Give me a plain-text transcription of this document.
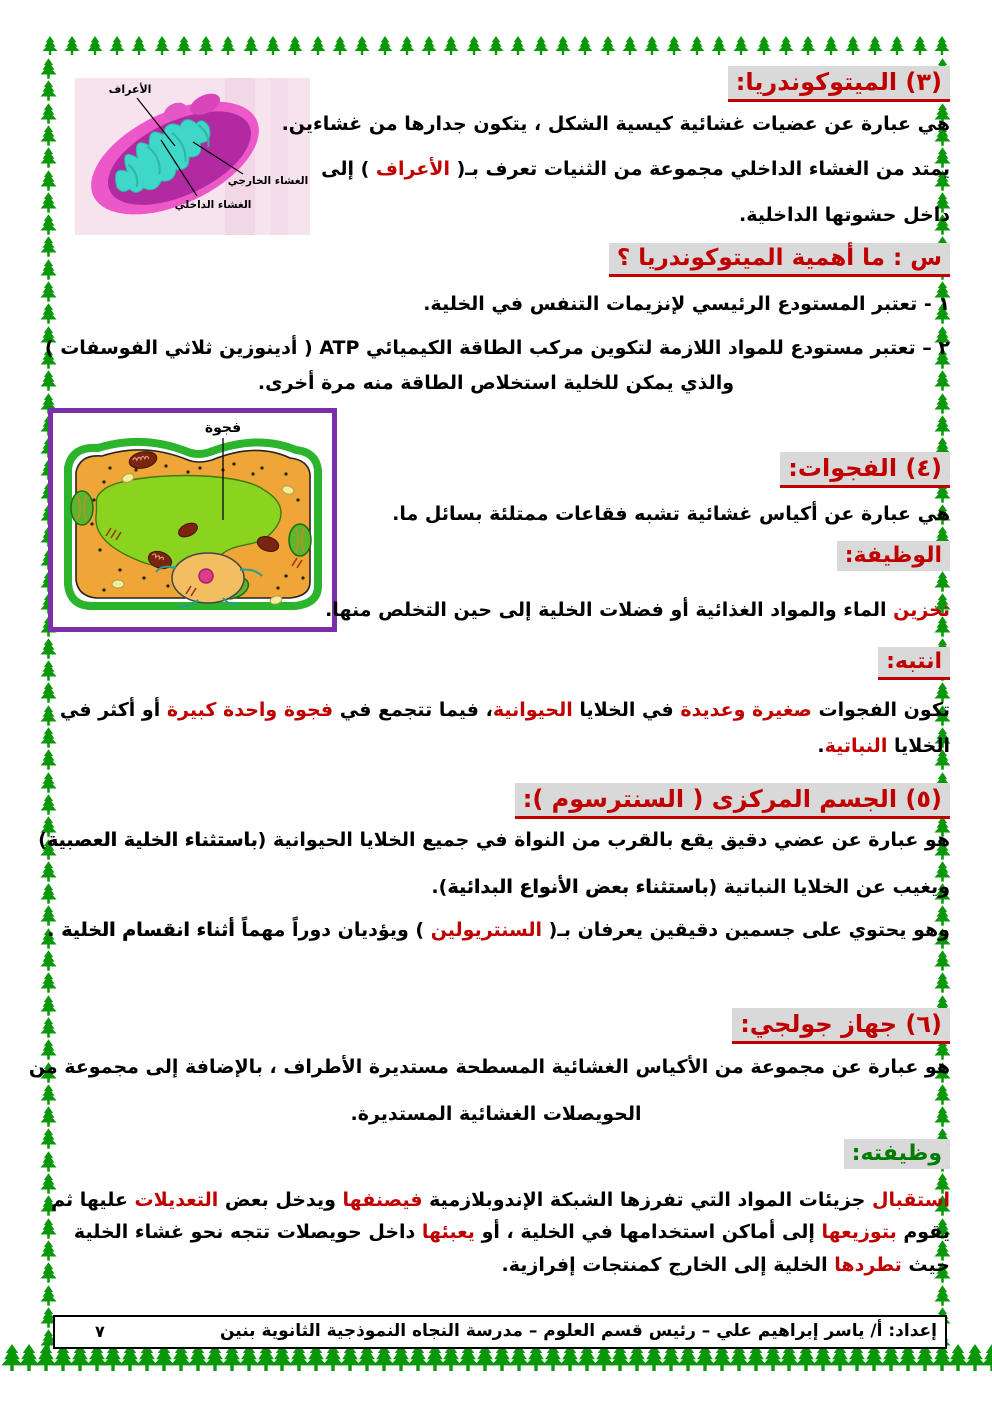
(٣) الميتوكوندريا:
الأعراف
الغشاء الخارجي
الغشاء الداخلي
هي عبارة عن عضيات غشائية كيسية الشكل ، يتكون جدارها من غشاءين.
يمتد من الغشاء الداخلي مجموعة من الثنيات تعرف بـ( الأعراف ) إلى
داخل حشوتها الداخلية.
س : ما أهمية الميتوكوندريا ؟
١ - تعتبر المستودع الرئيسي لإنزيمات التنفس في الخلية.
٢ – تعتبر مستودع للمواد اللازمة لتكوين مركب الطاقة الكيميائي ATP ( أدينوزين ثلاثي الفوسفات )
والذي يمكن للخلية استخلاص الطاقة منه مرة أخرى.
فجوة
(٤) الفجوات:
هي عبارة عن أكياس غشائية تشبه فقاعات ممتلئة بسائل ما.
الوظيفة:
تخزين الماء والمواد الغذائية أو فضلات الخلية إلى حين التخلص منها.
انتبه:
تكون الفجوات صغيرة وعديدة في الخلايا الحيوانية، فيما تتجمع في فجوة واحدة كبيرة أو أكثر في
الخلايا النباتية.
(٥) الجسم المركزى ( السنترسوم ):
هو عبارة عن عضي دقيق يقع بالقرب من النواة في جميع الخلايا الحيوانية (باستثناء الخلية العصبية)
ويغيب عن الخلايا النباتية (باستثناء بعض الأنواع البدائية).
وهو يحتوي على جسمين دقيقين يعرفان بـ( السنتريولين ) ويؤديان دوراً مهماً أثناء انقسام الخلية .
(٦) جهاز جولجي:
هو عبارة عن مجموعة من الأكياس الغشائية المسطحة مستديرة الأطراف ، بالإضافة إلى مجموعة من
الحويصلات الغشائية المستديرة.
وظيفته:
استقبال جزيئات المواد التي تفرزها الشبكة الإندوبلازمية فيصنفها ويدخل بعض التعديلات عليها ثم
يقوم بتوزيعها إلى أماكن استخدامها في الخلية ، أو يعبئها داخل حويصلات تتجه نحو غشاء الخلية
حيث تطردها الخلية إلى الخارج كمنتجات إفرازية.
إعداد: أ/ ياسر إبراهيم علي – رئيس قسم العلوم – مدرسة النجاه النموذجية الثانوية بنين
٧
